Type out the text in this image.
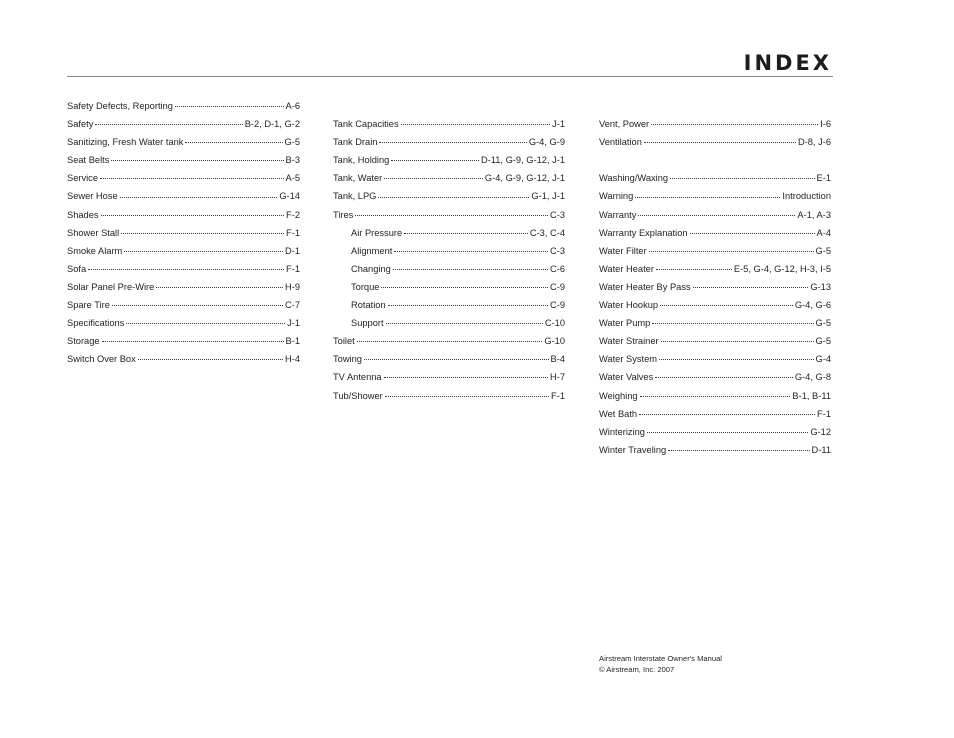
INDEX
Safety Defects, Reporting	A-6
Safety	B-2, D-1, G-2
Sanitizing, Fresh Water tank	G-5
Seat Belts	B-3
Service	A-5
Sewer Hose	G-14
Shades	F-2
Shower Stall	F-1
Smoke Alarm	D-1
Sofa	F-1
Solar Panel Pre-Wire	H-9
Spare Tire	C-7
Specifications	J-1
Storage	B-1
Switch Over Box	H-4
Tank Capacities	J-1
Tank Drain	G-4, G-9
Tank, Holding	D-11, G-9, G-12, J-1
Tank, Water	G-4, G-9, G-12, J-1
Tank, LPG	G-1, J-1
Tires	C-3
Air Pressure	C-3, C-4
Alignment	C-3
Changing	C-6
Torque	C-9
Rotation	C-9
Support	C-10
Toilet	G-10
Towing	B-4
TV Antenna	H-7
Tub/Shower	F-1
Vent, Power	I-6
Ventilation	D-8, J-6
Washing/Waxing	E-1
Warning	Introduction
Warranty	A-1, A-3
Warranty Explanation	A-4
Water Filter	G-5
Water Heater	E-5, G-4, G-12, H-3, I-5
Water Heater By Pass	G-13
Water Hookup	G-4, G-6
Water Pump	G-5
Water Strainer	G-5
Water System	G-4
Water Valves	G-4, G-8
Weighing	B-1, B-11
Wet Bath	F-1
Winterizing	G-12
Winter Traveling	D-11
Airstream Interstate Owner's Manual
© Airstream, Inc. 2007
